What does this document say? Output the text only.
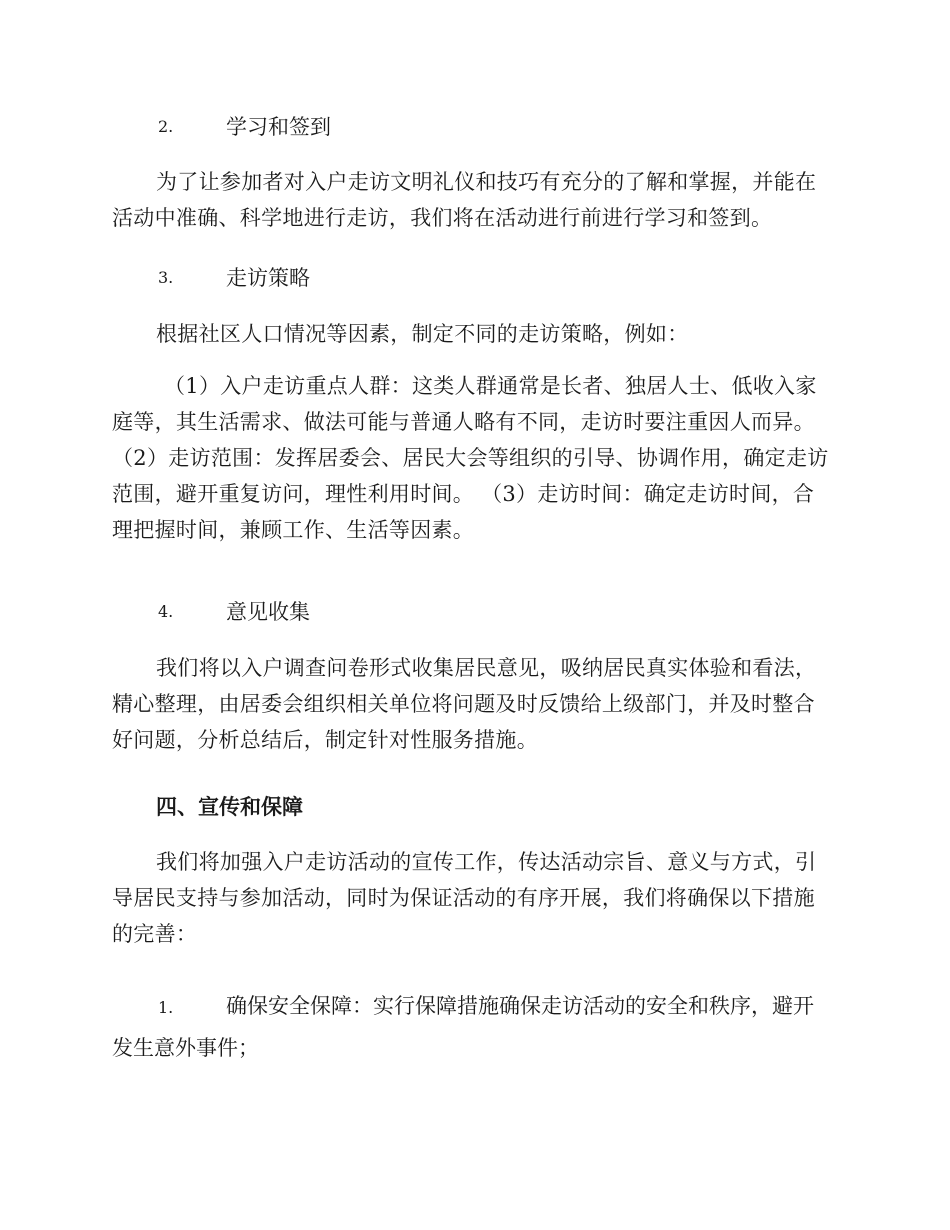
2.	学习和签到
为了让参加者对入户走访文明礼仪和技巧有充分的了解和掌握，并能在活动中准确、科学地进行走访，我们将在活动进行前进行学习和签到。
3.	走访策略
根据社区人口情况等因素，制定不同的走访策略，例如：
（1）入户走访重点人群：这类人群通常是长者、独居人士、低收入家庭等，其生活需求、做法可能与普通人略有不同，走访时要注重因人而异。（2）走访范围：发挥居委会、居民大会等组织的引导、协调作用，确定走访范围，避开重复访问，理性利用时间。 （3）走访时间：确定走访时间，合理把握时间，兼顾工作、生活等因素。
4.	意见收集
我们将以入户调查问卷形式收集居民意见，吸纳居民真实体验和看法，精心整理，由居委会组织相关单位将问题及时反馈给上级部门，并及时整合好问题，分析总结后，制定针对性服务措施。
四、宣传和保障
我们将加强入户走访活动的宣传工作，传达活动宗旨、意义与方式，引导居民支持与参加活动，同时为保证活动的有序开展，我们将确保以下措施的完善：
1.	确保安全保障：实行保障措施确保走访活动的安全和秩序，避开发生意外事件；
